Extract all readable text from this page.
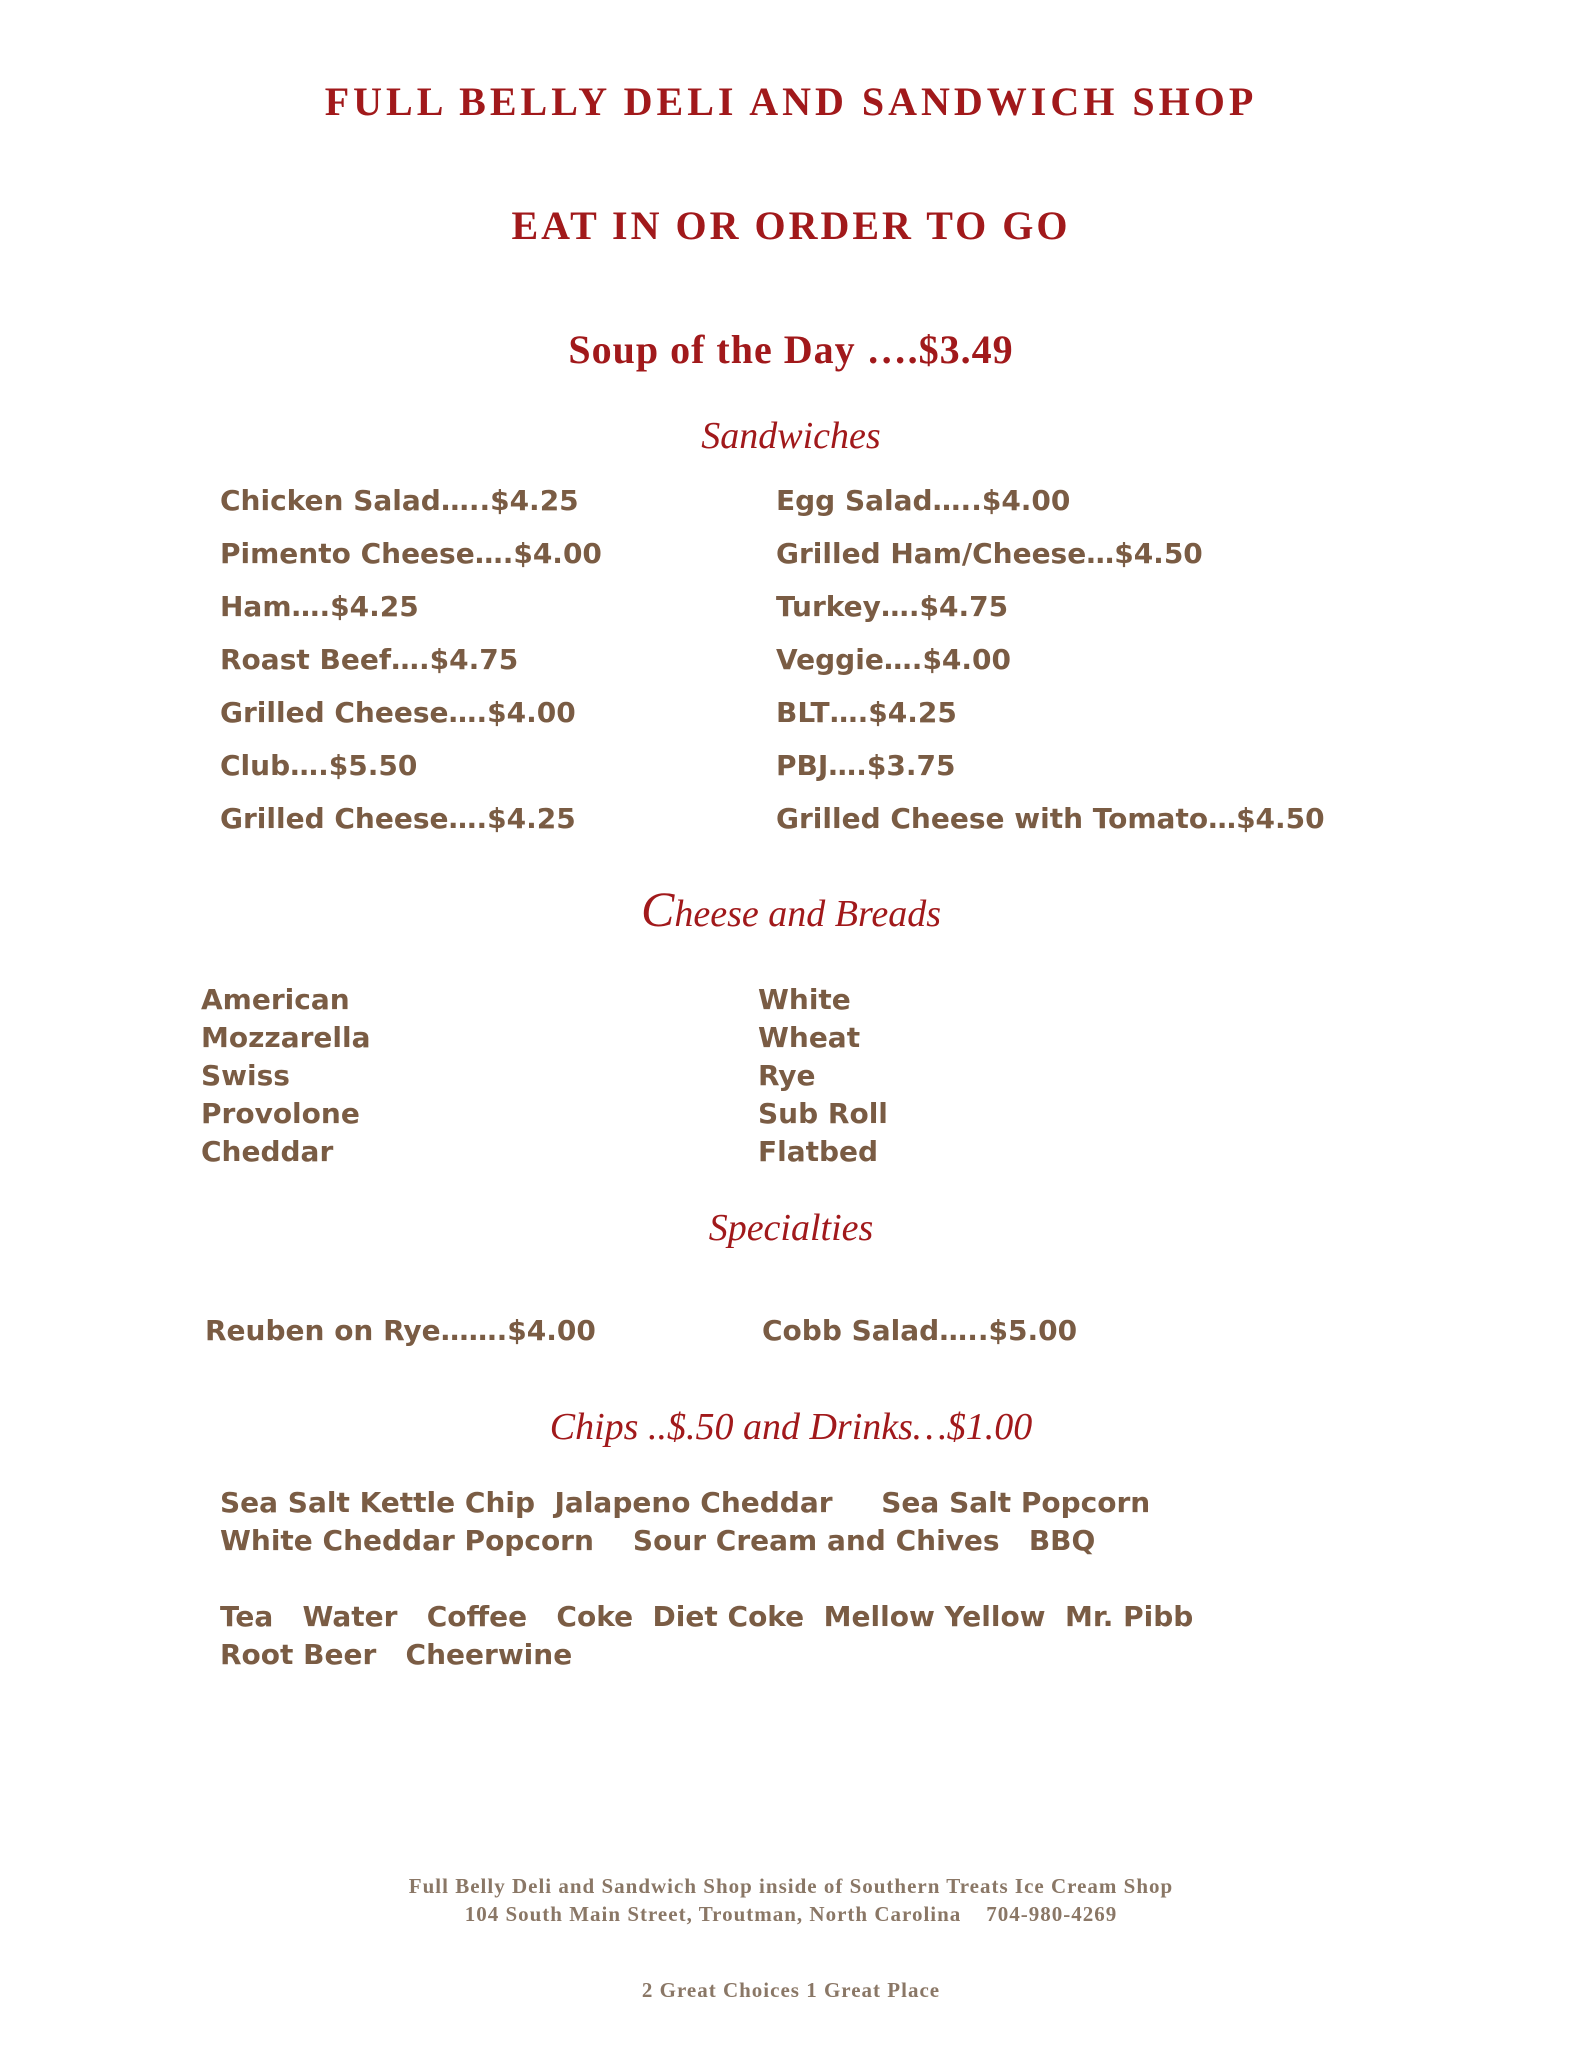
FULL BELLY DELI AND SANDWICH SHOP
EAT IN OR ORDER TO GO
Soup of the Day ….$3.49
Sandwiches
Chicken Salad…..$4.25
Pimento Cheese….$4.00
Ham….$4.25
Roast Beef….$4.75
Grilled Cheese….$4.00
Club….$5.50
Grilled Cheese….$4.25
Egg Salad…..$4.00
Grilled Ham/Cheese…$4.50
Turkey….$4.75
Veggie….$4.00
BLT….$4.25
PBJ….$3.75
Grilled Cheese with Tomato…$4.50
Cheese and Breads
American
Mozzarella
Swiss
Provolone
Cheddar
White
Wheat
Rye
Sub Roll
Flatbed
Specialties
Reuben on Rye…….$4.00	Cobb Salad…..$5.00
Chips ..$.50 and Drinks…$1.00
Sea Salt Kettle Chip  Jalapeno Cheddar     Sea Salt Popcorn
White Cheddar Popcorn    Sour Cream and Chives   BBQ
Tea   Water   Coffee   Coke  Diet Coke  Mellow Yellow  Mr. Pibb
Root Beer   Cheerwine
Full Belly Deli and Sandwich Shop inside of Southern Treats Ice Cream Shop
104 South Main Street, Troutman, North Carolina    704-980-4269
2 Great Choices 1 Great Place
